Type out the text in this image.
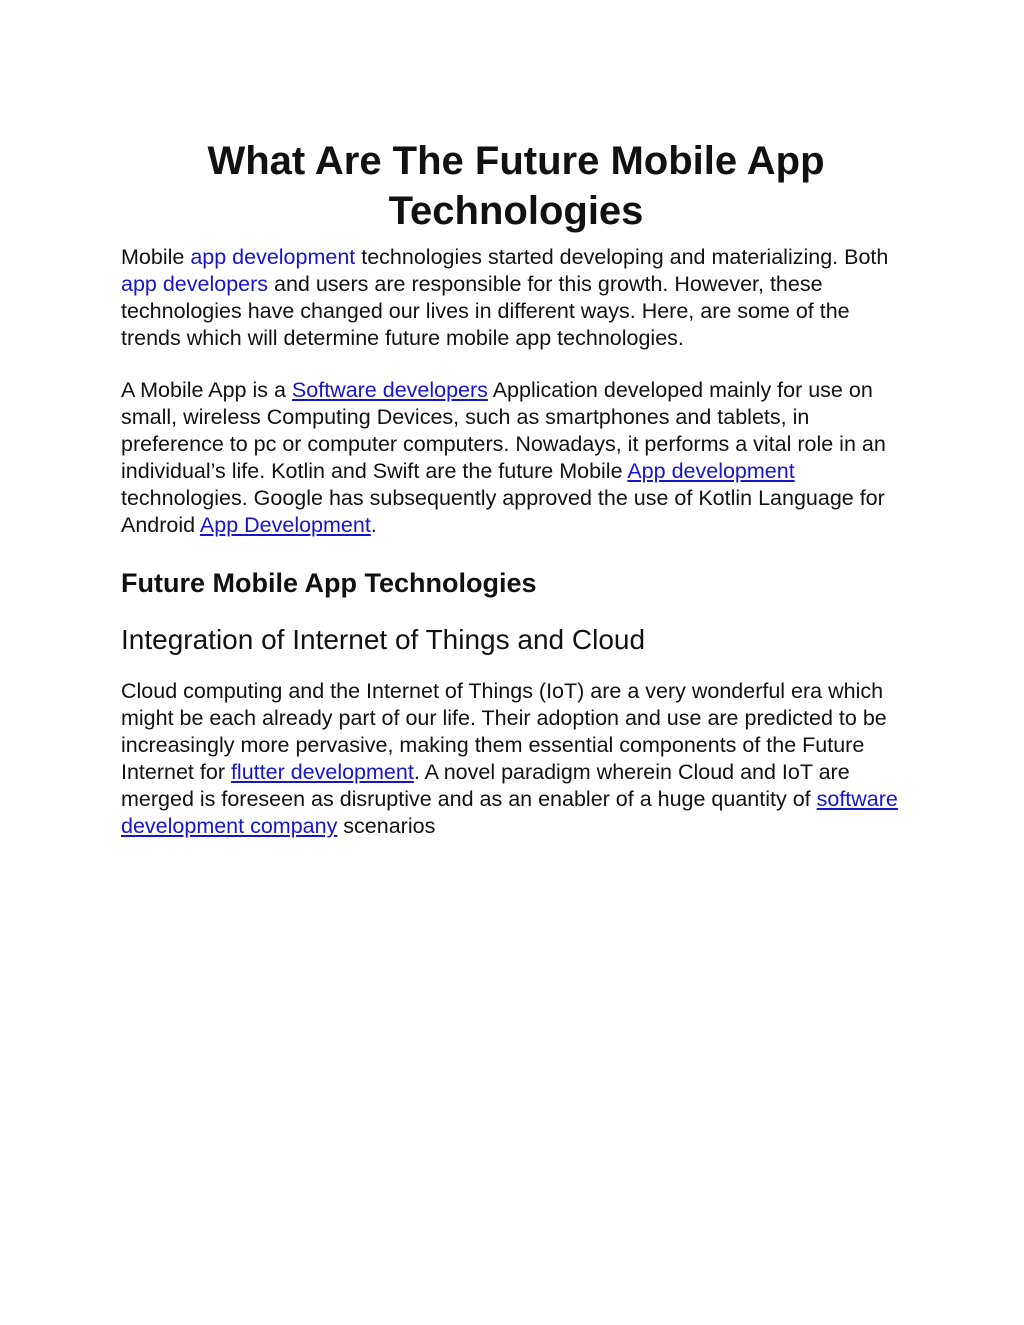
What Are The Future Mobile App Technologies

Mobile app development technologies started developing and materializing. Both app developers and users are responsible for this growth. However, these technologies have changed our lives in different ways. Here, are some of the trends which will determine future mobile app technologies.

A Mobile App is a Software developers Application developed mainly for use on small, wireless Computing Devices, such as smartphones and tablets, in preference to pc or computer computers. Nowadays, it performs a vital role in an individual’s life. Kotlin and Swift are the future Mobile App development technologies. Google has subsequently approved the use of Kotlin Language for Android App Development.

Future Mobile App Technologies
Integration of Internet of Things and Cloud

Cloud computing and the Internet of Things (IoT) are a very wonderful era which might be each already part of our life. Their adoption and use are predicted to be increasingly more pervasive, making them essential components of the Future Internet for flutter development. A novel paradigm wherein Cloud and IoT are merged is foreseen as disruptive and as an enabler of a huge quantity of software development company scenarios
